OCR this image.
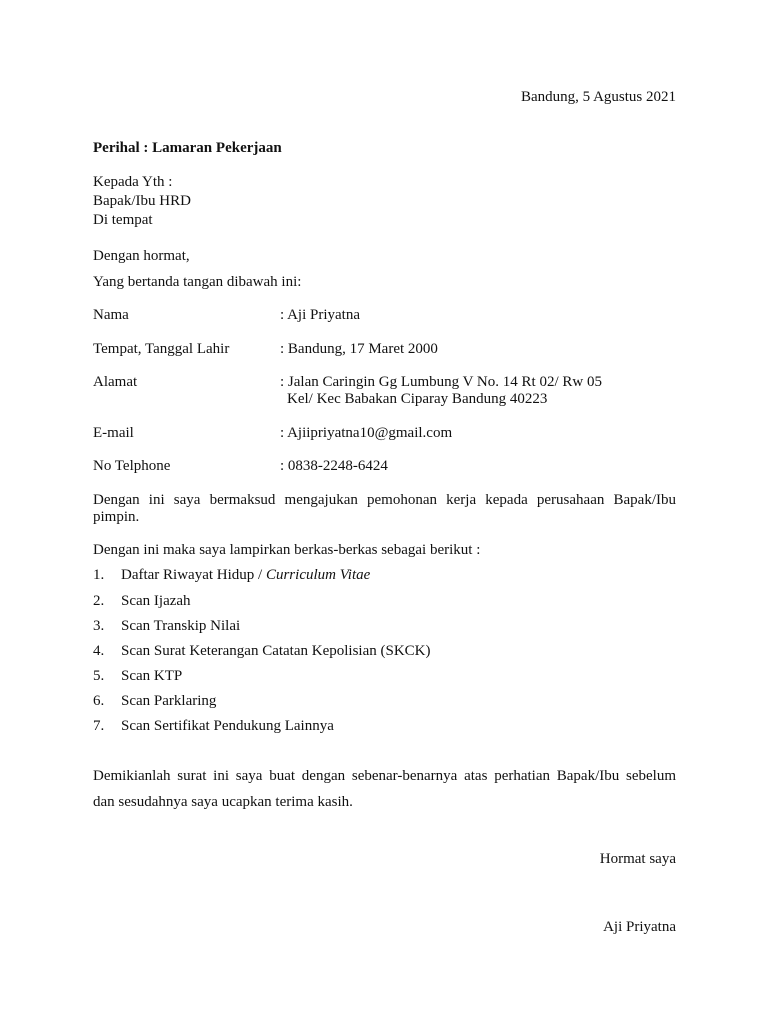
Bandung, 5 Agustus 2021
Perihal : Lamaran Pekerjaan
Kepada Yth :
Bapak/Ibu HRD
Di tempat
Dengan hormat,
Yang bertanda tangan dibawah ini:
Nama	: Aji Priyatna
Tempat, Tanggal Lahir	: Bandung, 17 Maret 2000
Alamat	: Jalan Caringin Gg Lumbung V No. 14 Rt 02/ Rw 05
Kel/ Kec Babakan Ciparay Bandung 40223
E-mail	: Ajiipriyatna10@gmail.com
No Telphone	: 0838-2248-6424
Dengan ini saya bermaksud mengajukan pemohonan kerja kepada perusahaan Bapak/Ibu
pimpin.
Dengan ini maka saya lampirkan berkas-berkas sebagai berikut :
1. Daftar Riwayat Hidup / Curriculum Vitae
2. Scan Ijazah
3. Scan Transkip Nilai
4. Scan Surat Keterangan Catatan Kepolisian (SKCK)
5. Scan KTP
6. Scan Parklaring
7. Scan Sertifikat Pendukung Lainnya
Demikianlah surat ini saya buat dengan sebenar-benarnya atas perhatian Bapak/Ibu sebelum
dan sesudahnya saya ucapkan terima kasih.
Hormat saya
Aji Priyatna
